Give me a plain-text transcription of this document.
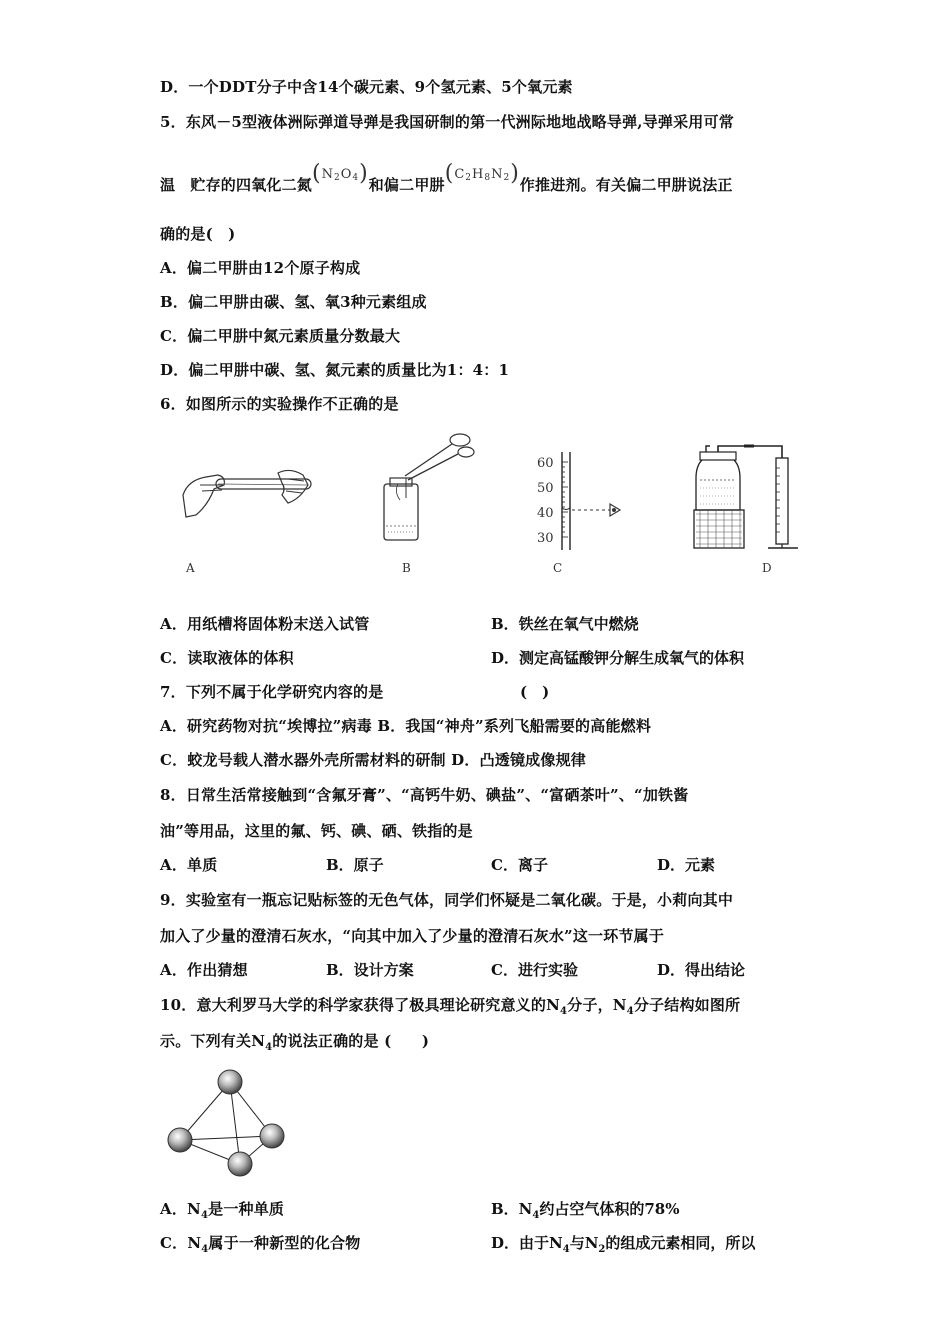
D．一个DDT分子中含14个碳元素、9个氢元素、5个氧元素
5．东风－5型液体洲际弹道导弹是我国研制的第一代洲际地地战略导弹,导弹采用可常
温　贮存的四氧化二氮(N2O4)和偏二甲肼(C2H8N2)作推进剂。有关偏二甲肼说法正
确的是(　)
A．偏二甲肼由12个原子构成
B．偏二甲肼由碳、氢、氧3种元素组成
C．偏二甲肼中氮元素质量分数最大
D．偏二甲肼中碳、氢、氮元素的质量比为1：4：1
6．如图所示的实验操作不正确的是
A	B
60
50
40
30
C	D
A．用纸槽将固体粉末送入试管	B．铁丝在氧气中燃烧
C．读取液体的体积	D．测定高锰酸钾分解生成氧气的体积
7．下列不属于化学研究内容的是	(　)
A．研究药物对抗“埃博拉”病毒 B．我国“神舟”系列飞船需要的高能燃料
C．蛟龙号载人潜水器外壳所需材料的研制 D．凸透镜成像规律
8．日常生活常接触到“含氟牙膏”、“高钙牛奶、碘盐”、“富硒茶叶”、“加铁酱
油”等用品，这里的氟、钙、碘、硒、铁指的是
A．单质	B．原子	C．离子	D．元素
9．实验室有一瓶忘记贴标签的无色气体，同学们怀疑是二氧化碳。于是，小莉向其中
加入了少量的澄清石灰水，“向其中加入了少量的澄清石灰水”这一环节属于
A．作出猜想	B．设计方案	C．进行实验	D．得出结论
10．意大利罗马大学的科学家获得了极具理论研究意义的$N_4$分子，$N_4$分子结构如图所
示。下列有关$N_4$的说法正确的是 (　　)
A．$N_4$是一种单质	B．$N_4$约占空气体积的78%
C．$N_4$属于一种新型的化合物	D．由于$N_4$与$N_2$的组成元素相同，所以
